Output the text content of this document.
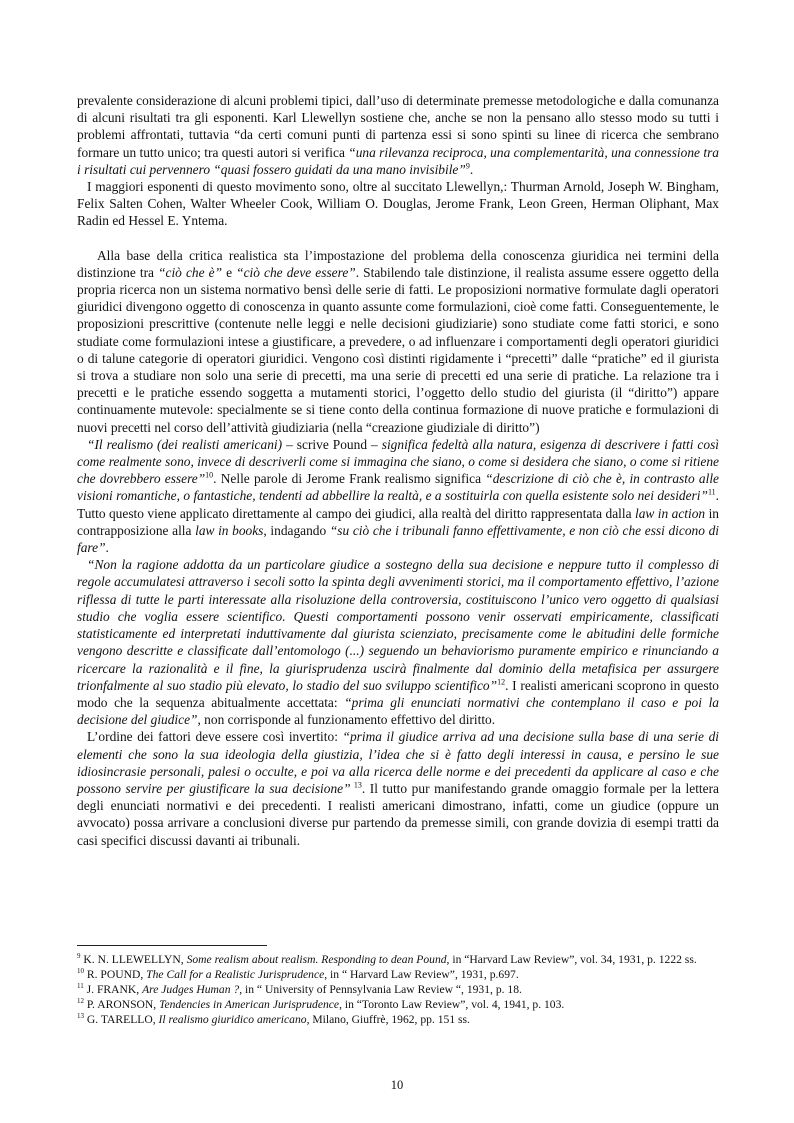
prevalente considerazione di alcuni problemi tipici, dall’uso di determinate premesse metodologiche e dalla comunanza di alcuni risultati tra gli esponenti. Karl Llewellyn sostiene che, anche se non la pensano allo stesso modo su tutti i problemi affrontati, tuttavia “da certi comuni punti di partenza essi si sono spinti su linee di ricerca che sembrano formare un tutto unico; tra questi autori si verifica “una rilevanza reciproca, una complementarità, una connessione tra i risultati cui pervennero “quasi fossero guidati da una mano invisibile”$^9$.

I maggiori esponenti di questo movimento sono, oltre al succitato Llewellyn,: Thurman Arnold, Joseph W. Bingham, Felix Salten Cohen, Walter Wheeler Cook, William O. Douglas, Jerome Frank, Leon Green, Herman Oliphant, Max Radin ed Hessel E. Yntema.

Alla base della critica realistica sta l’impostazione del problema della conoscenza giuridica nei termini della distinzione tra “ciò che è” e “ciò che deve essere”. Stabilendo tale distinzione, il realista assume essere oggetto della propria ricerca non un sistema normativo bensì delle serie di fatti. Le proposizioni normative formulate dagli operatori giuridici divengono oggetto di conoscenza in quanto assunte come formulazioni, cioè come fatti. Conseguentemente, le proposizioni prescrittive (contenute nelle leggi e nelle decisioni giudiziarie) sono studiate come fatti storici, e sono studiate come formulazioni intese a giustificare, a prevedere, o ad influenzare i comportamenti degli operatori giuridici o di talune categorie di operatori giuridici. Vengono così distinti rigidamente i “precetti” dalle “pratiche” ed il giurista si trova a studiare non solo una serie di precetti, ma una serie di precetti ed una serie di pratiche. La relazione tra i precetti e le pratiche essendo soggetta a mutamenti storici, l’oggetto dello studio del giurista (il “diritto”) appare continuamente mutevole: specialmente se si tiene conto della continua formazione di nuove pratiche e formulazioni di nuovi precetti nel corso dell’attività giudiziaria (nella “creazione giudiziale di diritto”)

“Il realismo (dei realisti americani) – scrive Pound – significa fedeltà alla natura, esigenza di descrivere i fatti così come realmente sono, invece di descriverli come si immagina che siano, o come si desidera che siano, o come si ritiene che dovrebbero essere”$^{10}$. Nelle parole di Jerome Frank realismo significa “descrizione di ciò che è, in contrasto alle visioni romantiche, o fantastiche, tendenti ad abbellire la realtà, e a sostituirla con quella esistente solo nei desideri”$^{11}$. Tutto questo viene applicato direttamente al campo dei giudici, alla realtà del diritto rappresentata dalla law in action in contrapposizione alla law in books, indagando “su ciò che i tribunali fanno effettivamente, e non ciò che essi dicono di fare”.

“Non la ragione addotta da un particolare giudice a sostegno della sua decisione e neppure tutto il complesso di regole accumulatesi attraverso i secoli sotto la spinta degli avvenimenti storici, ma il comportamento effettivo, l’azione riflessa di tutte le parti interessate alla risoluzione della controversia, costituiscono l’unico vero oggetto di qualsiasi studio che voglia essere scientifico. Questi comportamenti possono venir osservati empiricamente, classificati statisticamente ed interpretati induttivamente dal giurista scienziato, precisamente come le abitudini delle formiche vengono descritte e classificate dall’entomologo (...) seguendo un behaviorismo puramente empirico e rinunciando a ricercare la razionalità e il fine, la giurisprudenza uscirà finalmente dal dominio della metafisica per assurgere trionfalmente al suo stadio più elevato, lo stadio del suo sviluppo scientifico”$^{12}$. I realisti americani scoprono in questo modo che la sequenza abitualmente accettata: “prima gli enunciati normativi che contemplano il caso e poi la decisione del giudice”, non corrisponde al funzionamento effettivo del diritto.

L’ordine dei fattori deve essere così invertito: “prima il giudice arriva ad una decisione sulla base di una serie di elementi che sono la sua ideologia della giustizia, l’idea che si è fatto degli interessi in causa, e persino le sue idiosincrasie personali, palesi o occulte, e poi va alla ricerca delle norme e dei precedenti da applicare al caso e che possono servire per giustificare la sua decisione” $^{13}$. Il tutto pur manifestando grande omaggio formale per la lettera degli enunciati normativi e dei precedenti. I realisti americani dimostrano, infatti, come un giudice (oppure un avvocato) possa arrivare a conclusioni diverse pur partendo da premesse simili, con grande dovizia di esempi tratti da casi specifici discussi davanti ai tribunali.

$^9$ K. N. LLEWELLYN, Some realism about realism. Responding to dean Pound, in “Harvard Law Review”, vol. 34, 1931, p. 1222 ss.

$^{10}$ R. POUND, The Call for a Realistic Jurisprudence, in “ Harvard Law Review”, 1931, p.697.

$^{11}$ J. FRANK, Are Judges Human ?, in “ University of Pennsylvania Law Review “, 1931, p. 18.

$^{12}$ P. ARONSON, Tendencies in American Jurisprudence, in “Toronto Law Review”, vol. 4, 1941, p. 103.

$^{13}$ G. TARELLO, Il realismo giuridico americano, Milano, Giuffrè, 1962, pp. 151 ss.

10
